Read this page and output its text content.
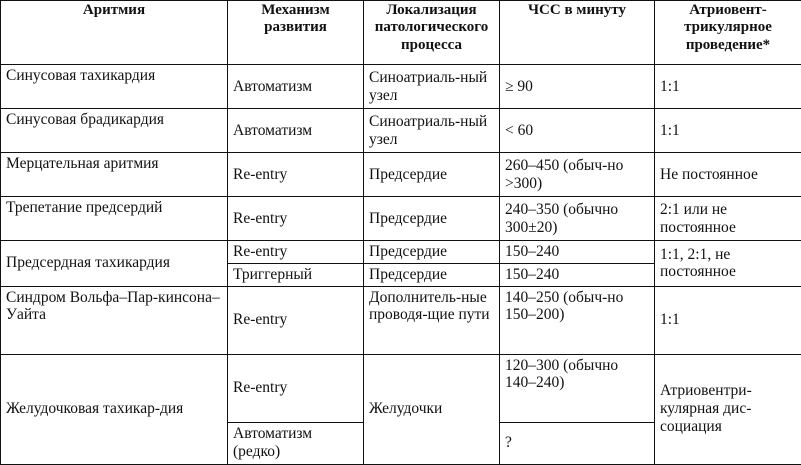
Аритмия	Механизм развития	Локализация патологического процесса	ЧСС в минуту	Атриовент-трикулярное проведение*
Синусовая тахикардия	Автоматизм	Синоатриаль-ный узел	≥ 90	1:1
Синусовая брадикардия	Автоматизм	Синоатриаль-ный узел	< 60	1:1
Мерцательная аритмия	Re-entry	Предсердие	260–450 (обыч-но >300)	Не постоянное
Трепетание предсердий	Re-entry	Предсердие	240–350 (обычно 300±20)	2:1 или не постоянное
Предсердная тахикардия	Re-entry	Предсердие	150–240	1:1, 2:1, не постоянное
	Триггерный	Предсердие	150–240	
Синдром Вольфа–Пар-кинсона– Уайта	Re-entry	Дополнитель-ные проводя-щие пути	140–250 (обыч-но 150–200)	1:1
Желудочковая тахикар-дия	Re-entry	Желудочки	120–300 (обычно 140–240)	Атриовентри-кулярная дис-социация
	Автоматизм (редко)		?	
